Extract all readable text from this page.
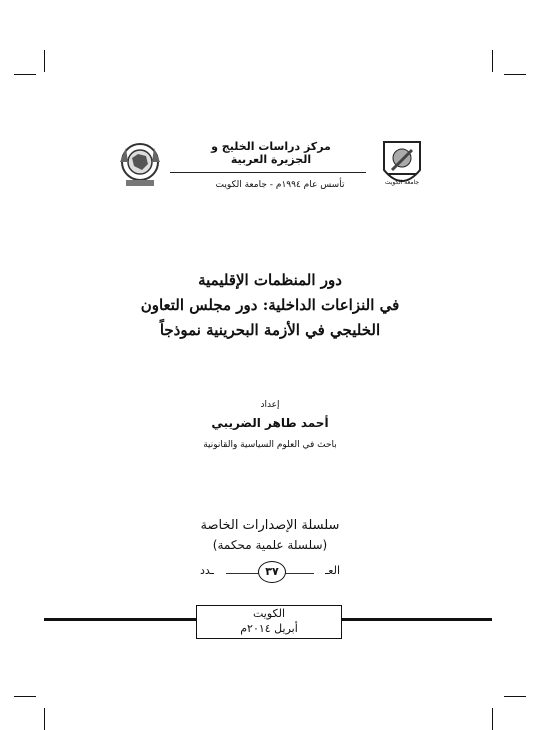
مركز دراسات الخليج و الجزيرة العربية
تأسس عام ١٩٩٤م - جامعة الكويت	جامعة الكويت
دور المنظمات الإقليمية
في النزاعات الداخلية: دور مجلس التعاون
الخليجي في الأزمة البحرينية نموذجاً
إعداد
أحمد طاهر الضريبي
باحث في العلوم السياسية والقانونية
سلسلة الإصدارات الخاصة
(سلسلة علمية محكمة)
العـ
٣٧
ـدد
الكويت
أبريل ٢٠١٤م
